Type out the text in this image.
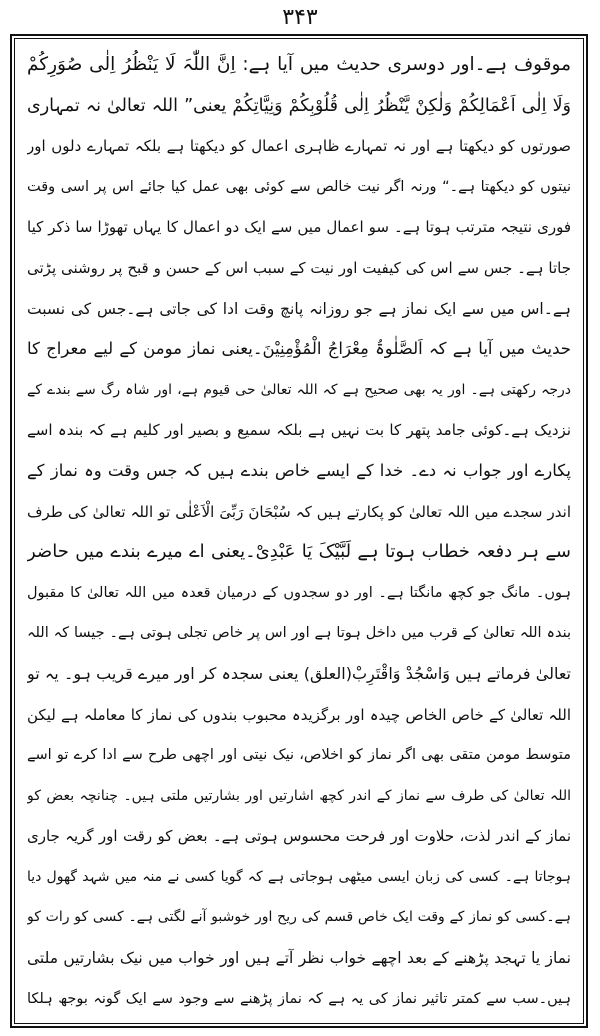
۳۴۳
موقوف ہے۔اور دوسری حدیث میں آیا ہے: اِنَّ اللّٰہَ لَا یَنْظُرُ اِلٰی صُوَرِکُمْ
وَلَا اِلٰی اَعْمَالِکُمْ وَلٰکِنْ یَّنْظُرُ اِلٰی قُلُوْبِکُمْ وَنِیَّاتِکُمْ یعنی” اللہ تعالیٰ نہ تمہاری
صورتوں کو دیکھتا ہے اور نہ تمہارے ظاہری اعمال کو دیکھتا ہے بلکہ تمہارے دلوں اور
نیتوں کو دیکھتا ہے۔“ ورنہ اگر نیت خالص سے کوئی بھی عمل کیا جائے اس پر اسی وقت
فوری نتیجہ مترتب ہوتا ہے۔ سو اعمال میں سے ایک دو اعمال کا یہاں تھوڑا سا ذکر کیا
جاتا ہے۔ جس سے اس کی کیفیت اور نیت کے سبب اس کے حسن و قبح پر روشنی پڑتی
ہے۔اس میں سے ایک نماز ہے جو روزانہ پانچ وقت ادا کی جاتی ہے۔جس کی نسبت
حدیث میں آیا ہے کہ اَلصَّلٰوۃُ مِعْرَاجُ الْمُؤْمِنِیْنَ۔یعنی نماز مومن کے لیے معراج کا
درجہ رکھتی ہے۔ اور یہ بھی صحیح ہے کہ اللہ تعالیٰ حی قیوم ہے، اور شاہ رگ سے بندے کے
نزدیک ہے۔کوئی جامد پتھر کا بت نہیں ہے بلکہ سمیع و بصیر اور کلیم ہے کہ بندہ اسے
پکارے اور جواب نہ دے۔ خدا کے ایسے خاص بندے ہیں کہ جس وقت وہ نماز کے
اندر سجدے میں اللہ تعالیٰ کو پکارتے ہیں کہ سُبْحَانَ رَبِّیَ الْاَعْلٰی تو اللہ تعالیٰ کی طرف
سے ہر دفعہ خطاب ہوتا ہے لَبَّیْکَ یَا عَبْدِیْ۔یعنی اے میرے بندے میں حاضر
ہوں۔ مانگ جو کچھ مانگتا ہے۔ اور دو سجدوں کے درمیان قعدہ میں اللہ تعالیٰ کا مقبول
بندہ اللہ تعالیٰ کے قرب میں داخل ہوتا ہے اور اس پر خاص تجلی ہوتی ہے۔ جیسا کہ اللہ
تعالیٰ فرماتے ہیں وَاسْجُدْ وَاقْتَرِبْ(العلق) یعنی سجدہ کر اور میرے قریب ہو۔ یہ تو
اللہ تعالیٰ کے خاص الخاص چیدہ اور برگزیدہ محبوب بندوں کی نماز کا معاملہ ہے لیکن
متوسط مومن متقی بھی اگر نماز کو اخلاص، نیک نیتی اور اچھی طرح سے ادا کرے تو اسے
اللہ تعالیٰ کی طرف سے نماز کے اندر کچھ اشارتیں اور بشارتیں ملتی ہیں۔ چنانچہ بعض کو
نماز کے اندر لذت، حلاوت اور فرحت محسوس ہوتی ہے۔ بعض کو رقت اور گریہ جاری
ہوجاتا ہے۔ کسی کی زبان ایسی میٹھی ہوجاتی ہے کہ گویا کسی نے منہ میں شہد گھول دیا
ہے۔کسی کو نماز کے وقت ایک خاص قسم کی ریح اور خوشبو آنے لگتی ہے۔ کسی کو رات کو
نماز یا تہجد پڑھنے کے بعد اچھے خواب نظر آتے ہیں اور خواب میں نیک بشارتیں ملتی
ہیں۔سب سے کمتر تاثیر نماز کی یہ ہے کہ نماز پڑھنے سے وجود سے ایک گونہ بوجھ ہلکا
